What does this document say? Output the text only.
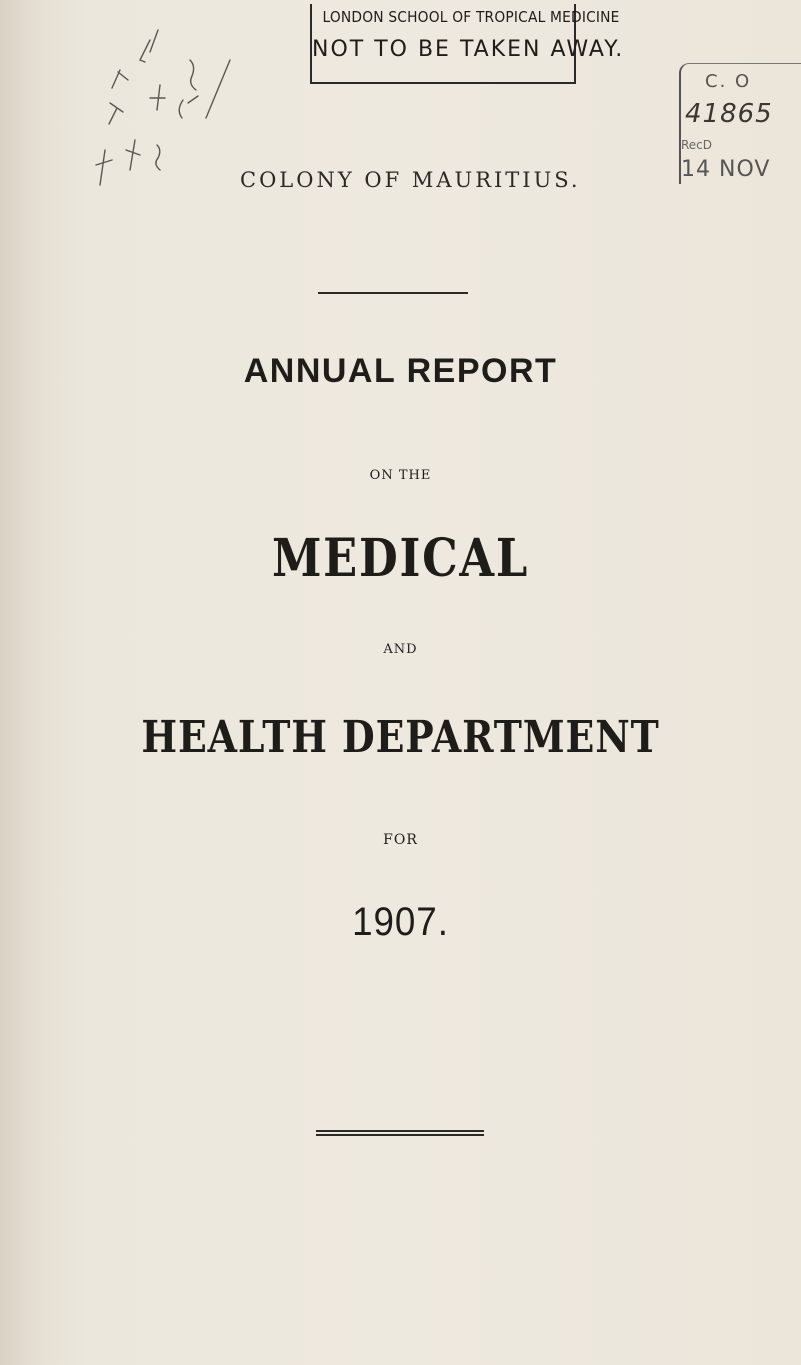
LONDON SCHOOL OF TROPICAL MEDICINE
NOT TO BE TAKEN AWAY.
C. O
41865
RecD
14 NOV
COLONY OF MAURITIUS.
ANNUAL REPORT
ON THE
MEDICAL
AND
HEALTH DEPARTMENT
FOR
1907.
